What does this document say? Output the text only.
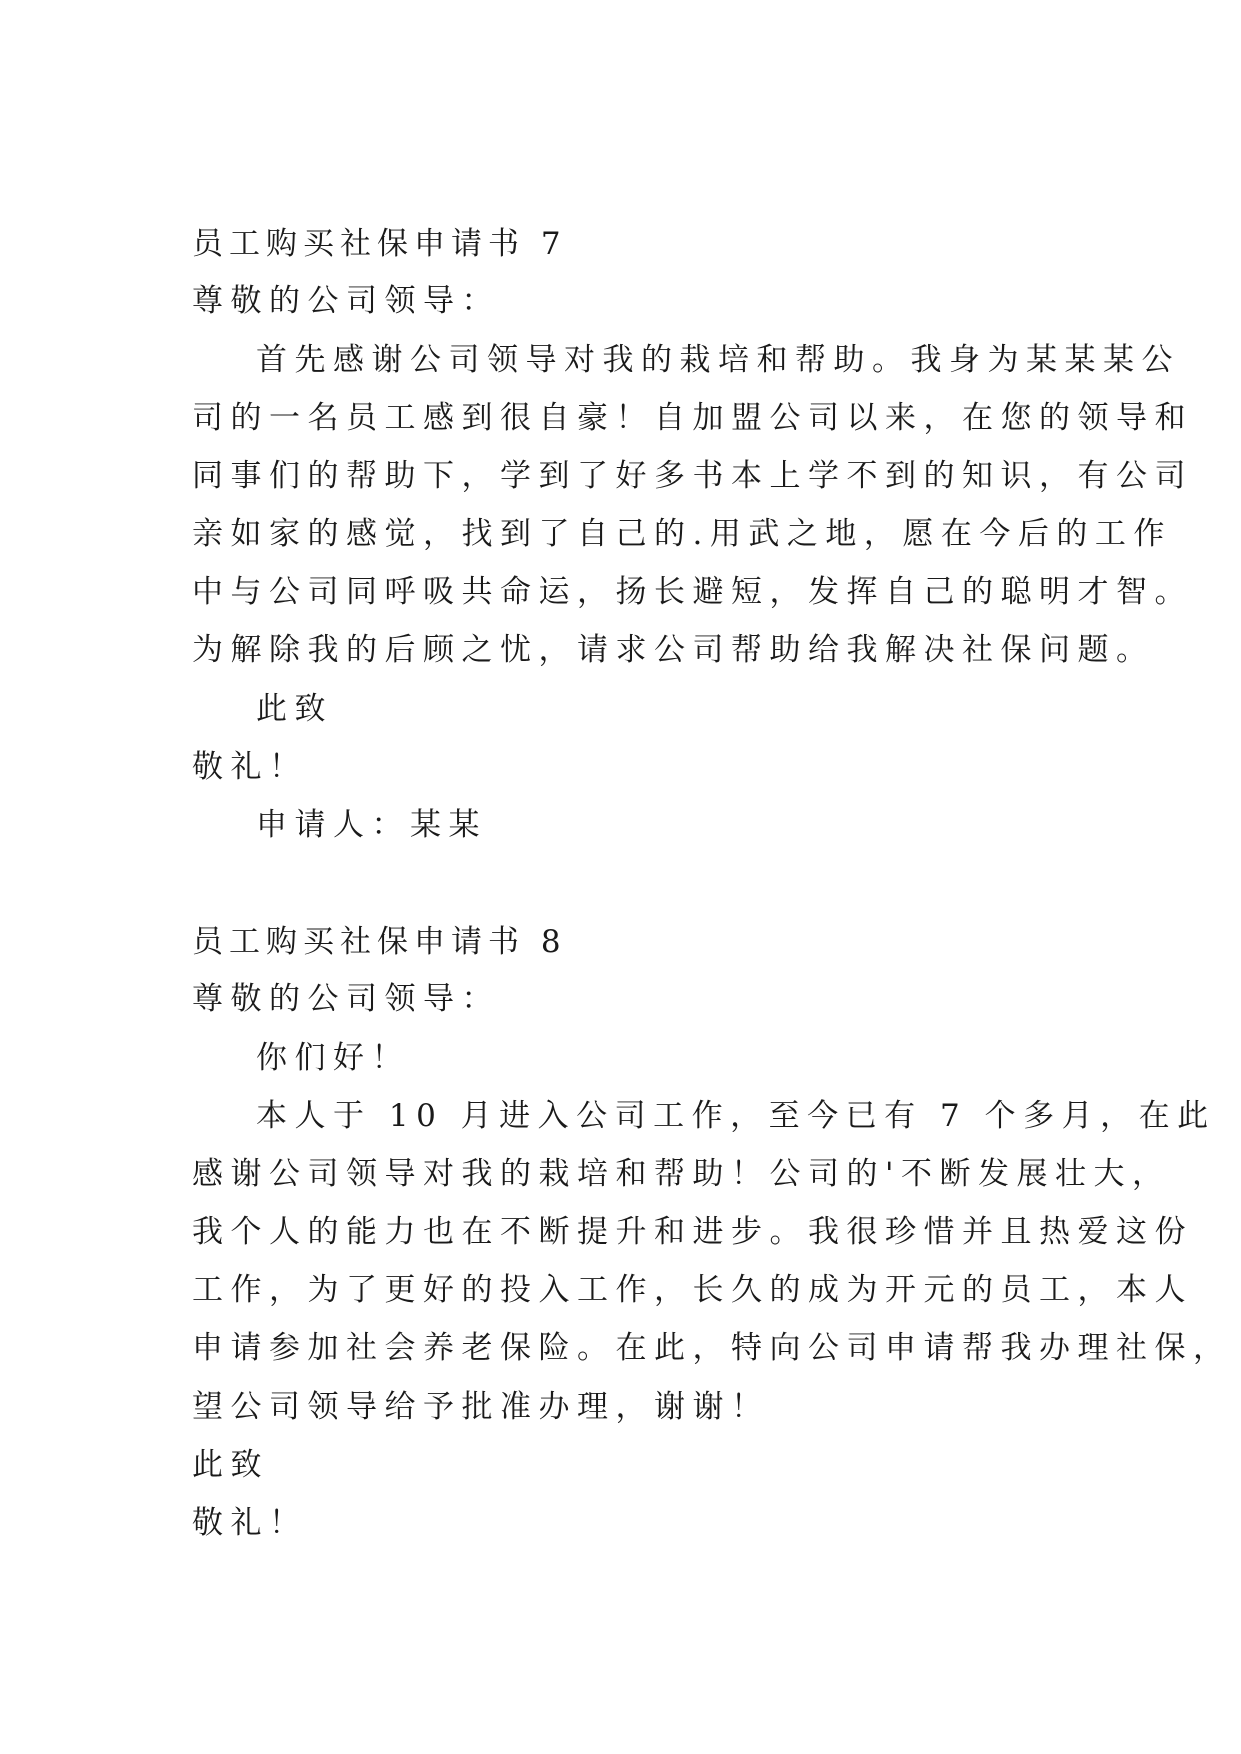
员工购买社保申请书 7
尊敬的公司领导：
首先感谢公司领导对我的栽培和帮助。我身为某某某公
司的一名员工感到很自豪！自加盟公司以来，在您的领导和
同事们的帮助下，学到了好多书本上学不到的知识，有公司
亲如家的感觉，找到了自己的.用武之地，愿在今后的工作
中与公司同呼吸共命运，扬长避短，发挥自己的聪明才智。
为解除我的后顾之忧，请求公司帮助给我解决社保问题。
此致
敬礼！
申请人：某某
员工购买社保申请书 8
尊敬的公司领导：
你们好！
本人于 10 月进入公司工作，至今已有 7 个多月，在此
感谢公司领导对我的栽培和帮助！公司的'不断发展壮大，
我个人的能力也在不断提升和进步。我很珍惜并且热爱这份
工作，为了更好的投入工作，长久的成为开元的员工，本人
申请参加社会养老保险。在此，特向公司申请帮我办理社保，
望公司领导给予批准办理，谢谢！
此致
敬礼！
